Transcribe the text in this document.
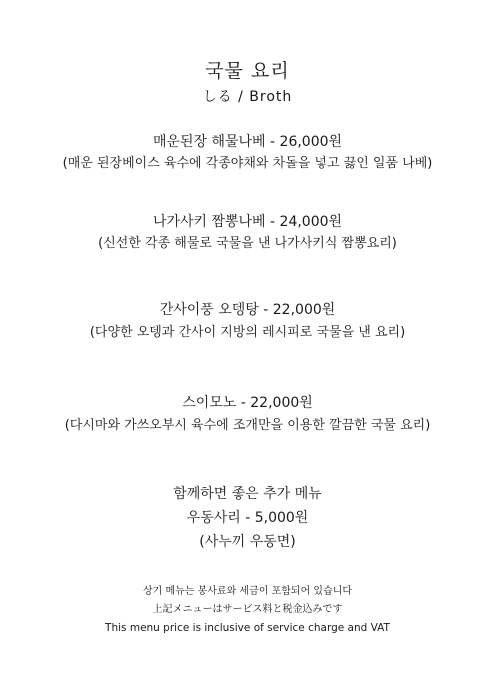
국물 요리
しる / Broth
매운된장 해물나베 - 26,000원
(매운 된장베이스 육수에 각종야채와 차돌을 넣고 끓인 일품 나베)
나가사키 짬뽕나베 - 24,000원
(신선한 각종 해물로 국물을 낸 나가사키식 짬뽕요리)
간사이풍 오뎅탕 - 22,000원
(다양한 오뎅과 간사이 지방의 레시피로 국물을 낸 요리)
스이모노 - 22,000원
(다시마와 가쓰오부시 육수에 조개만을 이용한 깔끔한 국물 요리)
함께하면 좋은 추가 메뉴
우동사리 - 5,000원
(사누끼 우동면)
상기 메뉴는 봉사료와 세금이 포함되어 있습니다
上記メニューはサービス料と税金込みです
This menu price is inclusive of service charge and VAT
